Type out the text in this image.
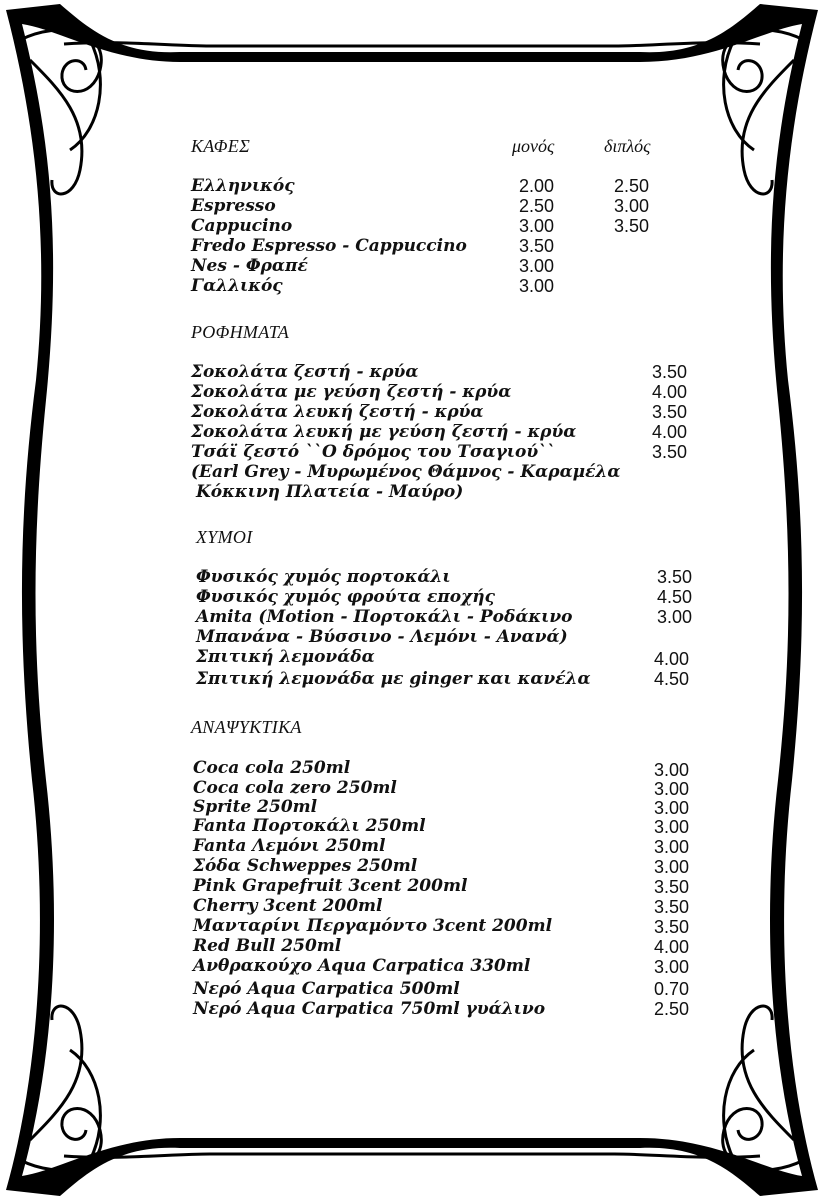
ΚΑΦΕΣ	μονός	διπλός
Ελληνικός	2.00	2.50
Espresso	2.50	3.00
Cappucino	3.00	3.50
Fredo Espresso - Cappuccino	3.50
Nes - Φραπέ	3.00
Γαλλικός	3.00
ΡΟΦΗΜΑΤΑ
Σοκολάτα ζεστή - κρύα	3.50
Σοκολάτα με γεύση ζεστή - κρύα	4.00
Σοκολάτα λευκή ζεστή - κρύα	3.50
Σοκολάτα λευκή με γεύση ζεστή - κρύα	4.00
Τσάϊ ζεστό ``Ο δρόμος του Τσαγιού``	3.50
(Earl Grey - Μυρωμένος Θάμνος - Καραμέλα
Κόκκινη Πλατεία - Μαύρο)
ΧΥΜΟΙ
Φυσικός χυμός πορτοκάλι	3.50
Φυσικός χυμός φρούτα εποχής	4.50
Amita (Motion - Πορτοκάλι - Ροδάκινο	3.00
Μπανάνα - Βύσσινο - Λεμόνι - Ανανά)
Σπιτική λεμονάδα	4.00
Σπιτική λεμονάδα με ginger και κανέλα	4.50
ΑΝΑΨΥΚΤΙΚΑ
Coca cola 250ml	3.00
Coca cola zero 250ml	3.00
Sprite 250ml	3.00
Fanta Πορτοκάλι 250ml	3.00
Fanta Λεμόνι 250ml	3.00
Σόδα Schweppes 250ml	3.00
Pink Grapefruit 3cent 200ml	3.50
Cherry 3cent 200ml	3.50
Μανταρίνι Περγαμόντο 3cent 200ml	3.50
Red Bull 250ml	4.00
Ανθρακούχο Aqua Carpatica 330ml	3.00
Νερό Aqua Carpatica 500ml	0.70
Νερό Aqua Carpatica 750ml γυάλινο	2.50
